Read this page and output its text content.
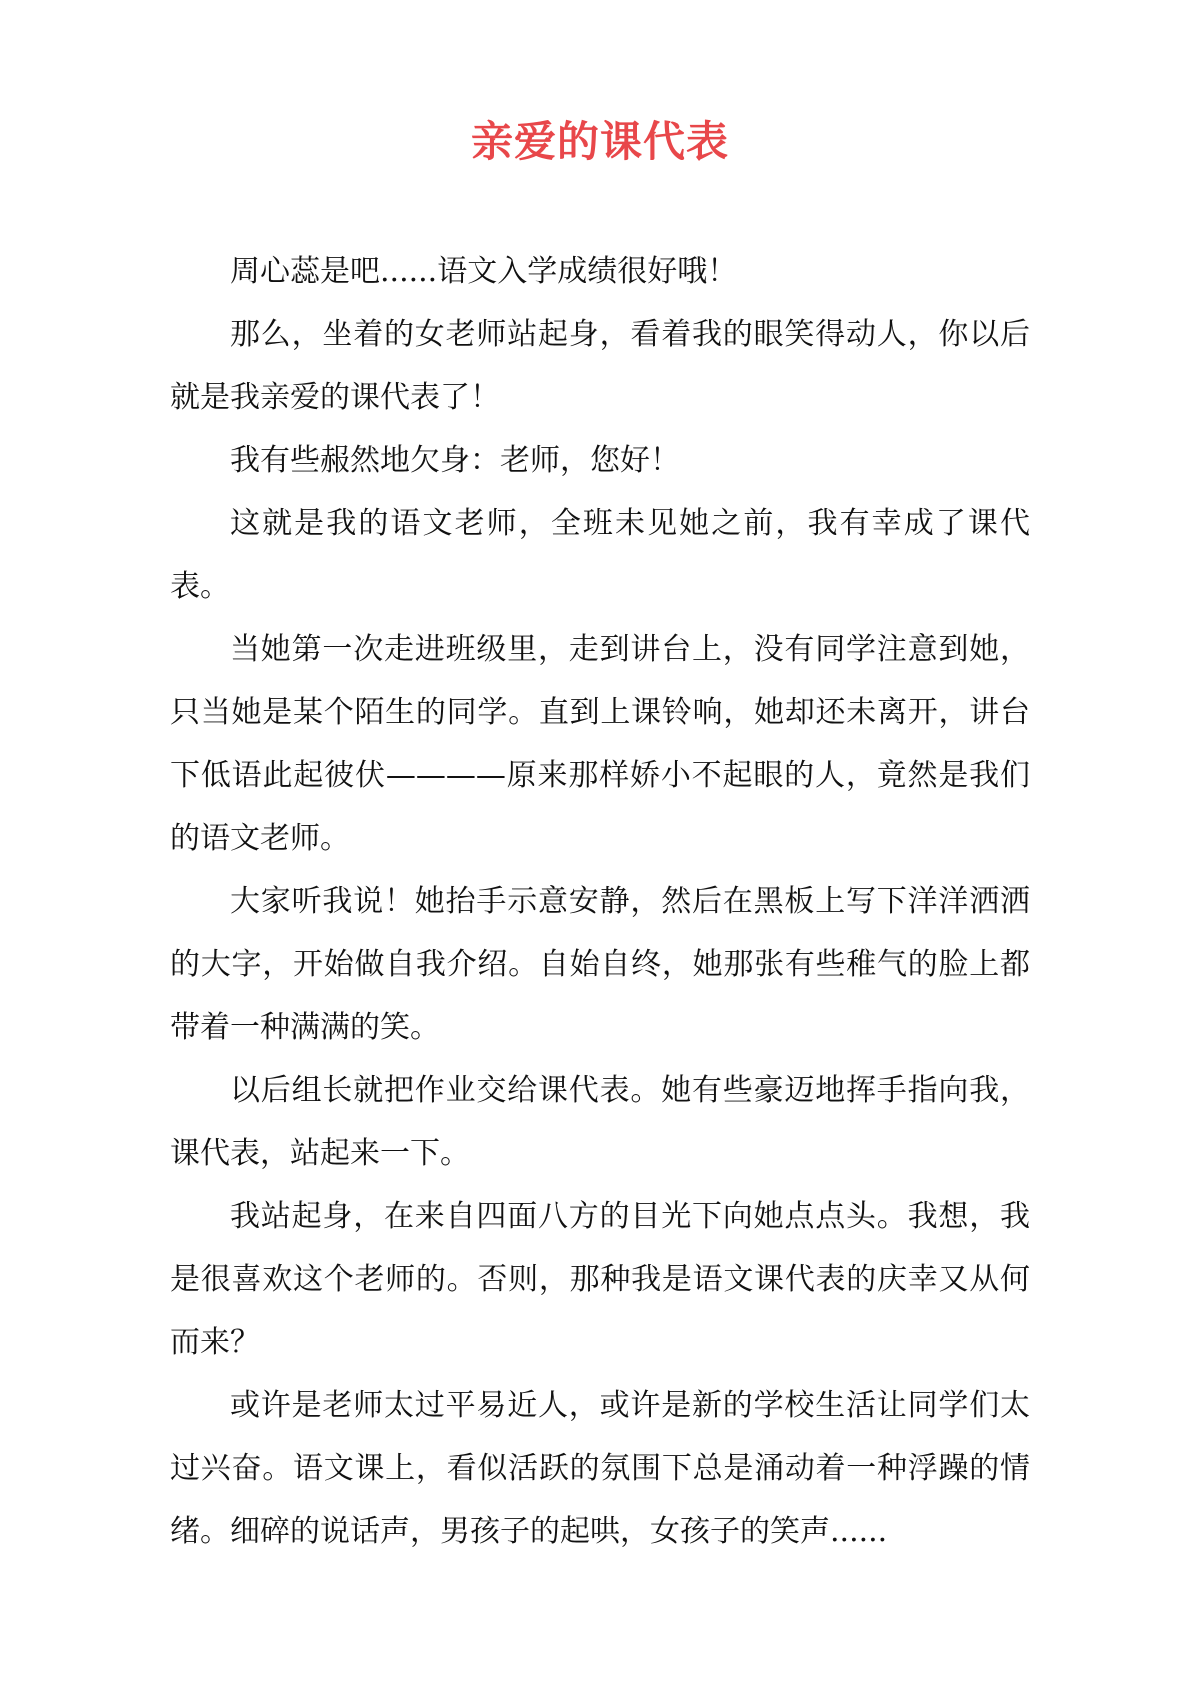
亲爱的课代表

周心蕊是吧......语文入学成绩很好哦！

那么，坐着的女老师站起身，看着我的眼笑得动人，你以后就是我亲爱的课代表了！

我有些赧然地欠身：老师，您好！

这就是我的语文老师，全班未见她之前，我有幸成了课代表。

当她第一次走进班级里，走到讲台上，没有同学注意到她，只当她是某个陌生的同学。直到上课铃响，她却还未离开，讲台下低语此起彼伏————原来那样娇小不起眼的人，竟然是我们的语文老师。

大家听我说！她抬手示意安静，然后在黑板上写下洋洋洒洒的大字，开始做自我介绍。自始自终，她那张有些稚气的脸上都带着一种满满的笑。

以后组长就把作业交给课代表。她有些豪迈地挥手指向我，课代表，站起来一下。

我站起身，在来自四面八方的目光下向她点点头。我想，我是很喜欢这个老师的。否则，那种我是语文课代表的庆幸又从何而来？

或许是老师太过平易近人，或许是新的学校生活让同学们太过兴奋。语文课上，看似活跃的氛围下总是涌动着一种浮躁的情绪。细碎的说话声，男孩子的起哄，女孩子的笑声......
